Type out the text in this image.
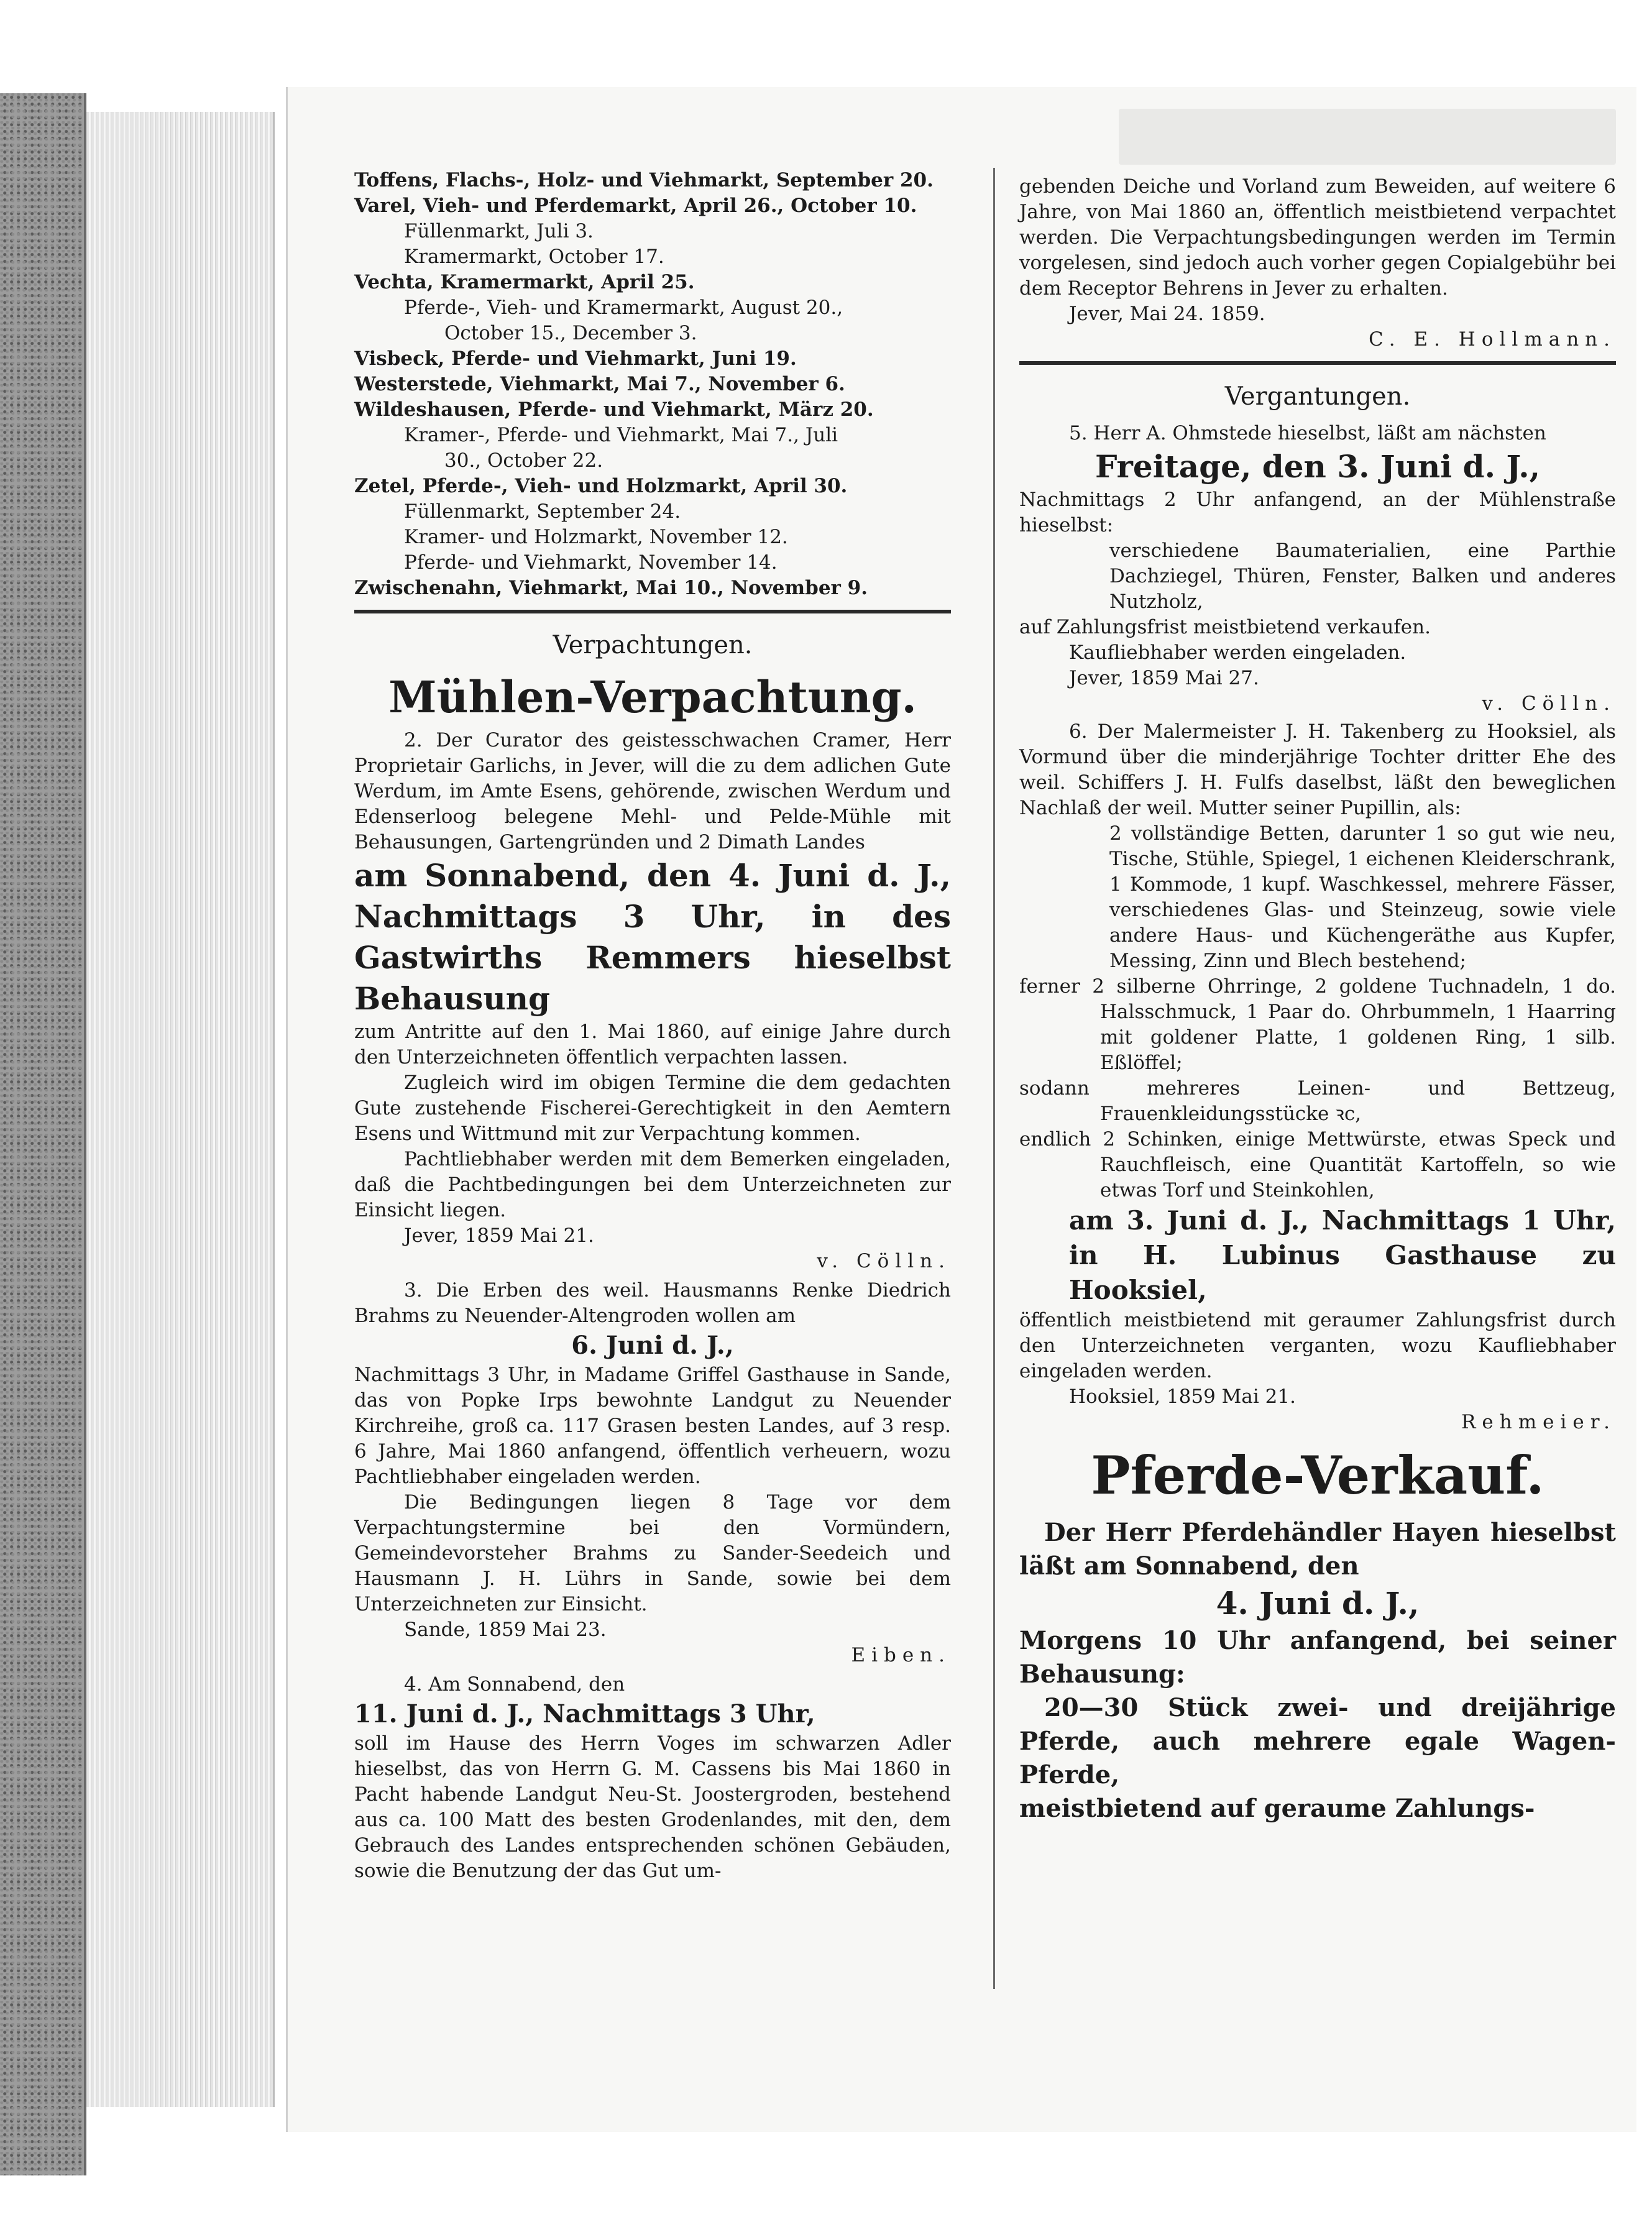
Toffens, Flachs-, Holz- und Viehmarkt, September 20.
Varel, Vieh- und Pferdemarkt, April 26., October 10.
Füllenmarkt, Juli 3.
Kramermarkt, October 17.
Vechta, Kramermarkt, April 25.
Pferde-, Vieh- und Kramermarkt, August 20.,
October 15., December 3.
Visbeck, Pferde- und Viehmarkt, Juni 19.
Westerstede, Viehmarkt, Mai 7., November 6.
Wildeshausen, Pferde- und Viehmarkt, März 20.
Kramer-, Pferde- und Viehmarkt, Mai 7., Juli
30., October 22.
Zetel, Pferde-, Vieh- und Holzmarkt, April 30.
Füllenmarkt, September 24.
Kramer- und Holzmarkt, November 12.
Pferde- und Viehmarkt, November 14.
Zwischenahn, Viehmarkt, Mai 10., November 9.
Verpachtungen.
Mühlen-Verpachtung.
2. Der Curator des geistesschwachen Cramer, Herr Proprietair Garlichs, in Jever, will die zu dem adlichen Gute Werdum, im Amte Esens, gehörende, zwischen Werdum und Edenserloog belegene Mehl- und Pelde-Mühle mit Behausungen, Gartengründen und 2 Dimath Landes
am Sonnabend, den 4. Juni d. J., Nachmittags 3 Uhr, in des Gastwirths Remmers hieselbst Behausung
zum Antritte auf den 1. Mai 1860, auf einige Jahre durch den Unterzeichneten öffentlich verpachten lassen.
Zugleich wird im obigen Termine die dem gedachten Gute zustehende Fischerei-Gerechtigkeit in den Aemtern Esens und Wittmund mit zur Verpachtung kommen.
Pachtliebhaber werden mit dem Bemerken eingeladen, daß die Pachtbedingungen bei dem Unterzeichneten zur Einsicht liegen.
Jever, 1859 Mai 21.
v. Cölln.
3. Die Erben des weil. Hausmanns Renke Diedrich Brahms zu Neuender-Altengroden wollen am
6. Juni d. J.,
Nachmittags 3 Uhr, in Madame Griffel Gasthause in Sande, das von Popke Irps bewohnte Landgut zu Neuender Kirchreihe, groß ca. 117 Grasen besten Landes, auf 3 resp. 6 Jahre, Mai 1860 anfangend, öffentlich verheuern, wozu Pachtliebhaber eingeladen werden.
Die Bedingungen liegen 8 Tage vor dem Verpachtungstermine bei den Vormündern, Gemeindevorsteher Brahms zu Sander-Seedeich und Hausmann J. H. Lührs in Sande, sowie bei dem Unterzeichneten zur Einsicht.
Sande, 1859 Mai 23.
Eiben.
4. Am Sonnabend, den
11. Juni d. J., Nachmittags 3 Uhr,
soll im Hause des Herrn Voges im schwarzen Adler hieselbst, das von Herrn G. M. Cassens bis Mai 1860 in Pacht habende Landgut Neu-St. Joostergroden, bestehend aus ca. 100 Matt des besten Grodenlandes, mit den, dem Gebrauch des Landes entsprechenden schönen Gebäuden, sowie die Benutzung der das Gut um-
gebenden Deiche und Vorland zum Beweiden, auf weitere 6 Jahre, von Mai 1860 an, öffentlich meistbietend verpachtet werden. Die Verpachtungsbedingungen werden im Termin vorgelesen, sind jedoch auch vorher gegen Copialgebühr bei dem Receptor Behrens in Jever zu erhalten.
Jever, Mai 24. 1859.
C. E. Hollmann.
Vergantungen.
5. Herr A. Ohmstede hieselbst, läßt am nächsten
Freitage, den 3. Juni d. J.,
Nachmittags 2 Uhr anfangend, an der Mühlenstraße hieselbst:
verschiedene Baumaterialien, eine Parthie Dachziegel, Thüren, Fenster, Balken und anderes Nutzholz,
auf Zahlungsfrist meistbietend verkaufen.
Kaufliebhaber werden eingeladen.
Jever, 1859 Mai 27.
v. Cölln.
6. Der Malermeister J. H. Takenberg zu Hooksiel, als Vormund über die minderjährige Tochter dritter Ehe des weil. Schiffers J. H. Fulfs daselbst, läßt den beweglichen Nachlaß der weil. Mutter seiner Pupillin, als:
2 vollständige Betten, darunter 1 so gut wie neu, Tische, Stühle, Spiegel, 1 eichenen Kleiderschrank, 1 Kommode, 1 kupf. Waschkessel, mehrere Fässer, verschiedenes Glas- und Steinzeug, sowie viele andere Haus- und Küchengeräthe aus Kupfer, Messing, Zinn und Blech bestehend;
ferner 2 silberne Ohrringe, 2 goldene Tuchnadeln, 1 do. Halsschmuck, 1 Paar do. Ohrbummeln, 1 Haarring mit goldener Platte, 1 goldenen Ring, 1 silb. Eßlöffel;
sodann	mehreres Leinen- und Bettzeug, Frauenkleidungsstücke ꝛc,
endlich 2 Schinken, einige Mettwürste, etwas Speck und Rauchfleisch, eine Quantität Kartoffeln, so wie etwas Torf und Steinkohlen,
am 3. Juni d. J., Nachmittags 1 Uhr, in H. Lubinus Gasthause zu Hooksiel,
öffentlich meistbietend mit geraumer Zahlungsfrist durch den Unterzeichneten verganten, wozu Kaufliebhaber eingeladen werden.
Hooksiel, 1859 Mai 21.
Rehmeier.
Pferde-Verkauf.
Der Herr Pferdehändler Hayen hieselbst läßt am Sonnabend, den
4. Juni d. J.,
Morgens 10 Uhr anfangend, bei seiner Behausung:
20—30 Stück zwei- und dreijährige Pferde, auch mehrere egale Wagen-Pferde,
meistbietend auf geraume Zahlungs-
